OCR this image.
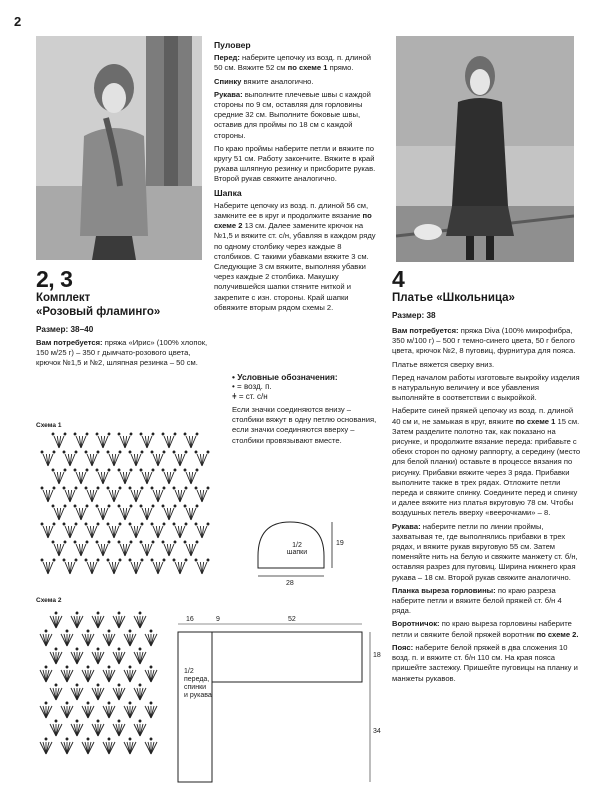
2
2, 3
Комплект
«Розовый фламинго»
Размер: 38–40

Вам потребуется: пряжа «Ирис» (100% хлопок, 150 м/25 г) – 350 г дымчато-розового цвета, крючок №1,5 и №2, шляпная резинка – 50 см.

Пуловер

Перед: наберите цепочку из возд. п. длиной 50 см. Вяжите 52 см по схеме 1 прямо.

Спинку вяжите аналогично.

Рукава: выполните плечевые швы с каждой стороны по 9 см, оставляя для горловины средние 32 см. Выполните боковые швы, оставив для проймы по 18 см с каждой стороны.

По краю проймы наберите петли и вяжите по кругу 51 см. Работу закончите. Вяжите в край рукава шляпную резинку и присборите рукав. Второй рукав свяжите аналогично.

Шапка

Наберите цепочку из возд. п. длиной 56 см, замкните ее в круг и продолжите вязание по схеме 2 13 см. Далее замените крючок на №1,5 и вяжите ст. с/н, убавляя в каждом ряду по одному столбику через каждые 8 столбиков. С такими убавками вяжите 3 см. Следующие 3 см вяжите, выполняя убавки через каждые 2 столбика. Макушку получившейся шапки стяните ниткой и закрепите с изн. стороны. Край шапки обвяжите вторым рядом схемы 2.

• Условные обозначения:
• = возд. п.
ǂ = ст. с/н
Если значки соединяются внизу – столбики вяжут в одну петлю основания, если значки соединяются вверху – столбики провязывают вместе.
Схема 1
1/2
шапки
19
28
Схема 2
16	9	52
18
34
1/2
переда,
спинки
и рукава
4
Платье «Школьница»
Размер: 38

Вам потребуется: пряжа Diva (100% микрофибра, 350 м/100 г) – 500 г темно-синего цвета, 50 г белого цвета, крючок №2, 8 пуговиц, фурнитура для пояса.

Платье вяжется сверху вниз.

Перед началом работы изготовьте выкройку изделия в натуральную величину и все убавления выполняйте в соответствии с выкройкой.

Наберите синей пряжей цепочку из возд. п. длиной 40 см и, не замыкая в круг, вяжите по схеме 1 15 см. Затем разделите полотно так, как показано на рисунке, и продолжите вязание переда: прибавьте с обеих сторон по одному раппорту, а середину (место для белой планки) оставьте в процессе вязания по рисунку. Прибавки вяжите через 3 ряда. Прибавки выполните также в трех рядах. Отложите петли переда и свяжите спинку. Соедините перед и спинку и далее вяжите низ платья вкруговую 78 см. Чтобы воздушных петель вверху «веерочками» – 8.

Рукава: наберите петли по линии проймы, захватывая те, где выполнялись прибавки в трех рядах, и вяжите рукав вкруговую 55 см. Затем поменяйте нить на белую и свяжите манжету ст. б/н, оставляя разрез для пуговиц. Ширина нижнего края рукава – 18 см. Второй рукав свяжите аналогично.

Планка выреза горловины: по краю разреза наберите петли и вяжите белой пряжей ст. б/н 4 ряда.

Воротничок: по краю выреза горловины наберите петли и свяжите белой пряжей воротник по схеме 2.

Пояс: наберите белой пряжей в два сложения 10 возд. п. и вяжите ст. б/н 110 см. На края пояса пришейте застежку. Пришейте пуговицы на планку и манжеты рукавов.
